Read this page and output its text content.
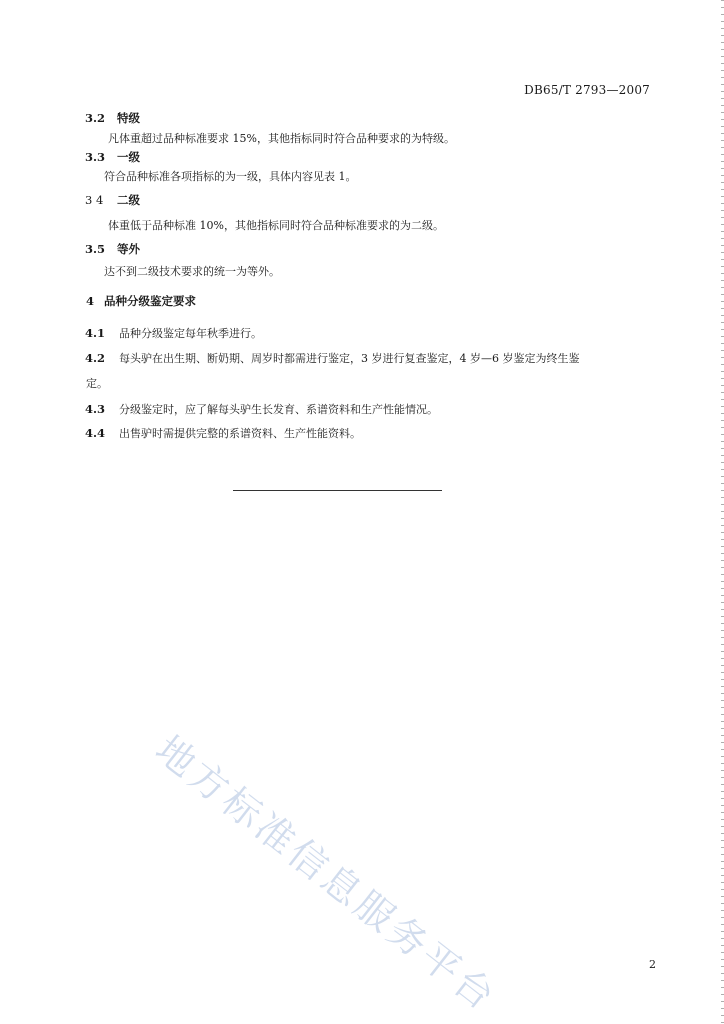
DB65/T 2793—2007
3.2 特级
凡体重超过品种标准要求 15%，其他指标同时符合品种要求的为特级。
3.3 一级
符合品种标准各项指标的为一级，具体内容见表 1。
3 4 二级
体重低于品种标准 10%，其他指标同时符合品种标准要求的为二级。
3.5 等外
达不到二级技术要求的统一为等外。
4 品种分级鉴定要求
4.1 品种分级鉴定每年秋季进行。
4.2 每头驴在出生期、断奶期、周岁时都需进行鉴定，3 岁进行复查鉴定，4 岁—6 岁鉴定为终生鉴
定。
4.3 分级鉴定时，应了解每头驴生长发育、系谱资料和生产性能情况。
4.4 出售驴时需提供完整的系谱资料、生产性能资料。
地方标准信息服务平台	2
